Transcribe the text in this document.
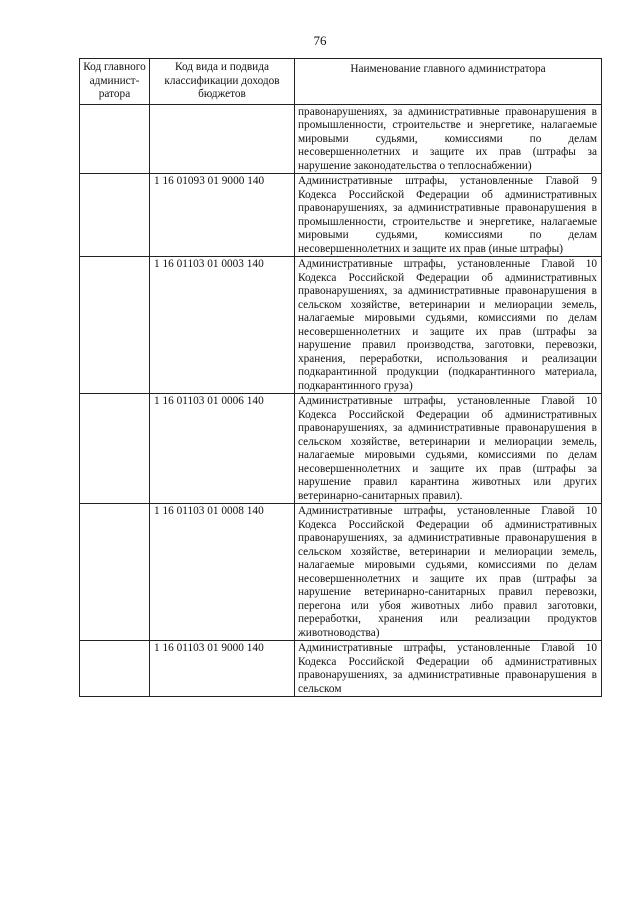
76
Код главного админист-ратора	Код вида и подвида классификации доходов бюджетов	Наименование главного администратора
		правонарушениях, за административные правонарушения в промышленности, строительстве и энергетике, налагаемые мировыми судьями, комиссиями по делам несовершеннолетних и защите их прав (штрафы за нарушение законодательства о теплоснабжении)
	1 16 01093 01 9000 140	Административные штрафы, установленные Главой 9 Кодекса Российской Федерации об административных правонарушениях, за административные правонарушения в промышленности, строительстве и энергетике, налагаемые мировыми судьями, комиссиями по делам несовершеннолетних и защите их прав (иные штрафы)
	1 16 01103 01 0003 140	Административные штрафы, установленные Главой 10 Кодекса Российской Федерации об административных правонарушениях, за административные правонарушения в сельском хозяйстве, ветеринарии и мелиорации земель, налагаемые мировыми судьями, комиссиями по делам несовершеннолетних и защите их прав (штрафы за нарушение правил производства, заготовки, перевозки, хранения, переработки, использования и реализации подкарантинной продукции (подкарантинного материала, подкарантинного груза)
	1 16 01103 01 0006 140	Административные штрафы, установленные Главой 10 Кодекса Российской Федерации об административных правонарушениях, за административные правонарушения в сельском хозяйстве, ветеринарии и мелиорации земель, налагаемые мировыми судьями, комиссиями по делам несовершеннолетних и защите их прав (штрафы за нарушение правил карантина животных или других ветеринарно-санитарных правил).
	1 16 01103 01 0008 140	Административные штрафы, установленные Главой 10 Кодекса Российской Федерации об административных правонарушениях, за административные правонарушения в сельском хозяйстве, ветеринарии и мелиорации земель, налагаемые мировыми судьями, комиссиями по делам несовершеннолетних и защите их прав (штрафы за нарушение ветеринарно-санитарных правил перевозки, перегона или убоя животных либо правил заготовки, переработки, хранения или реализации продуктов животноводства)
	1 16 01103 01 9000 140	Административные штрафы, установленные Главой 10 Кодекса Российской Федерации об административных правонарушениях, за административные правонарушения в сельском
